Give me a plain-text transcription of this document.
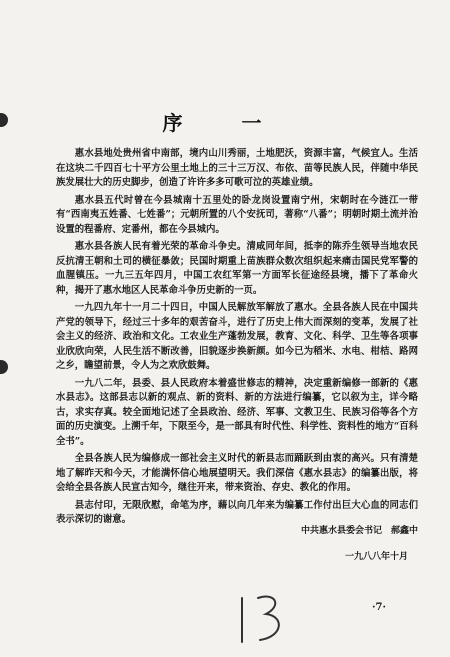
序 一

惠水县地处贵州省中南部，境内山川秀丽，土地肥沃，资源丰富，气候宜人。生活在这块二千四百七十平方公里土地上的三十三万汉、布依、苗等民族人民，伴随中华民族发展壮大的历史脚步，创造了许许多多可歌可泣的英雄业绩。

惠水县五代时曾在今县城南十五里处的卧龙岗设置南宁州，宋朝时在今涟江一带有“西南夷五姓番、七姓番”；元朝所置的八个安抚司，著称“八番”；明朝时期土流并治设置的程番府、定番州，都在今县城内。

惠水县各族人民有着光荣的革命斗争史。清咸同年间，抵李的陈乔生领导当地农民反抗清王朝和土司的横征暴敛；民国时期重上苗族群众数次组织起来痛击国民党军警的血腥镇压。一九三五年四月，中国工农红军第一方面军长征途经县境，播下了革命火种，揭开了惠水地区人民革命斗争历史新的一页。

一九四九年十一月二十四日，中国人民解放军解放了惠水。全县各族人民在中国共产党的领导下，经过三十多年的艰苦奋斗，进行了历史上伟大而深刻的变革，发展了社会主义的经济、政治和文化。工农业生产蓬勃发展，教育、文化、科学、卫生等各项事业欣欣向荣，人民生活不断改善，旧貌逐步换新颜。如今已为稻米、水电、柑桔、路网之乡，瞻望前景，令人为之欢欣鼓舞。

一九八二年，县委、县人民政府本着盛世修志的精神，决定重新编修一部新的《惠水县志》。这部县志以新的观点、新的资料、新的方法进行编纂，它以叙为主，详今略古，求实存真。较全面地记述了全县政治、经济、军事、文教卫生、民族习俗等各个方面的历史演变。上溯千年，下限至今，是一部具有时代性、科学性、资料性的地方“百科全书”。

全县各族人民为编修成一部社会主义时代的新县志而踊跃到由衷的高兴。只有清楚地了解昨天和今天，才能满怀信心地展望明天。我们深信《惠水县志》的编纂出版，将会给全县各族人民宣古知今，继往开来，带来资治、存史、教化的作用。

县志付印，无限欣慰，命笔为序，藉以向几年来为编纂工作付出巨大心血的同志们表示深切的谢意。

中共惠水县委会书记　郝鑫中
一九八八年十月
·7·
